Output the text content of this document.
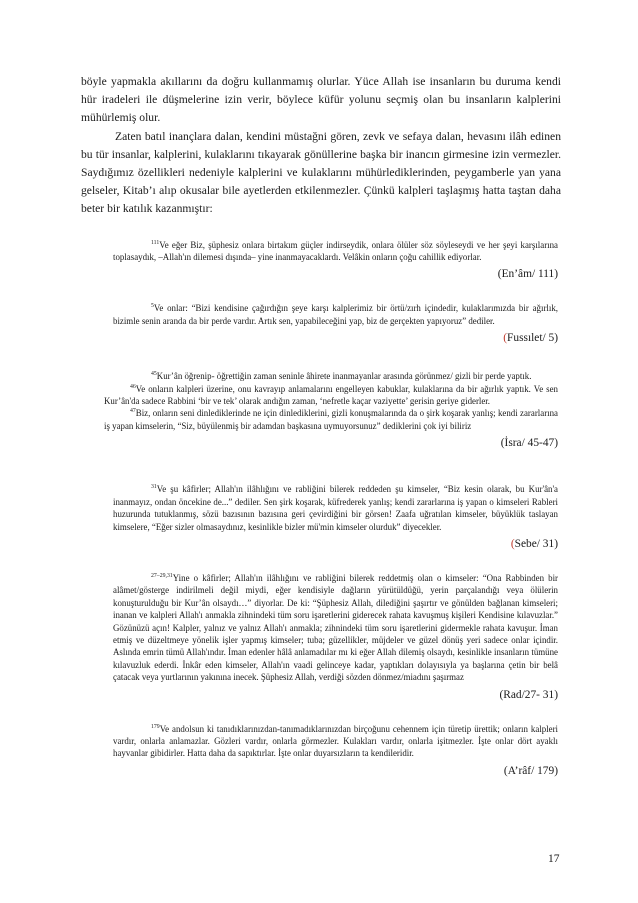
böyle yapmakla akıllarını da doğru kullanmamış olurlar. Yüce Allah ise insanların bu duruma kendi hür iradeleri ile düşmelerine izin verir, böylece küfür yolunu seçmiş olan bu insanların kalplerini mühürlemiş olur.

Zaten batıl inançlara dalan, kendini müstağni gören, zevk ve sefaya dalan, hevasını ilâh edinen bu tür insanlar, kalplerini, kulaklarını tıkayarak gönüllerine başka bir inancın girmesine izin vermezler. Saydığımız özellikleri nedeniyle kalplerini ve kulaklarını mühürlediklerinden, peygamberle yan yana gelseler, Kitab’ı alıp okusalar bile ayetlerden etkilenmezler. Çünkü kalpleri taşlaşmış hatta taştan daha beter bir katılık kazanmıştır:

$^{111}$Ve eğer Biz, şüphesiz onlara birtakım güçler indirseydik, onlara ölüler söz söyleseydi ve her şeyi karşılarına toplasaydık, –Allah'ın dilemesi dışında– yine inanmayacaklardı. Velâkin onların çoğu cahillik ediyorlar.

(En’âm/ 111)

$^5$Ve onlar: “Bizi kendisine çağırdığın şeye karşı kalplerimiz bir örtü/zırh içindedir, kulaklarımızda bir ağırlık, bizimle senin aranda da bir perde vardır. Artık sen, yapabileceğini yap, biz de gerçekten yapıyoruz” dediler.

(Fussılet/ 5)

$^{45}$Kur’ân öğrenip- öğrettiğin zaman seninle âhirete inanmayanlar arasında görünmez/ gizli bir perde yaptık.

$^{46}$Ve onların kalpleri üzerine, onu kavrayıp anlamalarını engelleyen kabuklar, kulaklarına da bir ağırlık yaptık. Ve sen Kur’ân'da sadece Rabbini ‘bir ve tek’ olarak andığın zaman, ‘nefretle kaçar vaziyette’ gerisin geriye giderler.

$^{47}$Biz, onların seni dinlediklerinde ne için dinlediklerini, gizli konuşmalarında da o şirk koşarak yanlış; kendi zararlarına iş yapan kimselerin, “Siz, büyülenmiş bir adamdan başkasına uymuyorsunuz” dediklerini çok iyi biliriz

(İsra/ 45-47)

$^{31}$Ve şu kâfirler; Allah'ın ilâhlığını ve rabliğini bilerek reddeden şu kimseler, “Biz kesin olarak, bu Kur'ân'a inanmayız, ondan öncekine de...” dediler. Sen şirk koşarak, küfrederek yanlış; kendi zararlarına iş yapan o kimseleri Rableri huzurunda tutuklanmış, sözü bazısının bazısına geri çevirdiğini bir görsen! Zaafa uğratılan kimseler, büyüklük taslayan kimselere, “Eğer sizler olmasaydınız, kesinlikle bizler mü'min kimseler olurduk” diyecekler.

(Sebe/ 31)

$^{27-29,31}$Yine o kâfirler; Allah'ın ilâhlığını ve rabliğini bilerek reddetmiş olan o kimseler: “Ona Rabbinden bir alâmet/gösterge indirilmeli değil miydi, eğer kendisiyle dağların yürütüldüğü, yerin parçalandığı veya ölülerin konuşturulduğu bir Kur’ân olsaydı…” diyorlar. De ki: “Şüphesiz Allah, dilediğini şaşırtır ve gönülden bağlanan kimseleri; inanan ve kalpleri Allah'ı anmakla zihnindeki tüm soru işaretlerini giderecek rahata kavuşmuş kişileri Kendisine kılavuzlar.” Gözünüzü açın! Kalpler, yalnız ve yalnız Allah'ı anmakla; zihnindeki tüm soru işaretlerini gidermekle rahata kavuşur. İman etmiş ve düzeltmeye yönelik işler yapmış kimseler; tuba; güzellikler, müjdeler ve güzel dönüş yeri sadece onlar içindir. Aslında emrin tümü Allah'ındır. İman edenler hâlâ anlamadılar mı ki eğer Allah dilemiş olsaydı, kesinlikle insanların tümüne kılavuzluk ederdi. İnkâr eden kimseler, Allah'ın vaadi gelinceye kadar, yaptıkları dolayısıyla ya başlarına çetin bir belâ çatacak veya yurtlarının yakınına inecek. Şüphesiz Allah, verdiği sözden dönmez/miadını şaşırmaz

(Rad/27- 31)

$^{179}$Ve andolsun ki tanıdıklarınızdan-tanımadıklarınızdan birçoğunu cehennem için türetip ürettik; onların kalpleri vardır, onlarla anlamazlar. Gözleri vardır, onlarla görmezler. Kulakları vardır, onlarla işitmezler. İşte onlar dört ayaklı hayvanlar gibidirler. Hatta daha da sapıktırlar. İşte onlar duyarsızların ta kendileridir.

(A’râf/ 179)
17
